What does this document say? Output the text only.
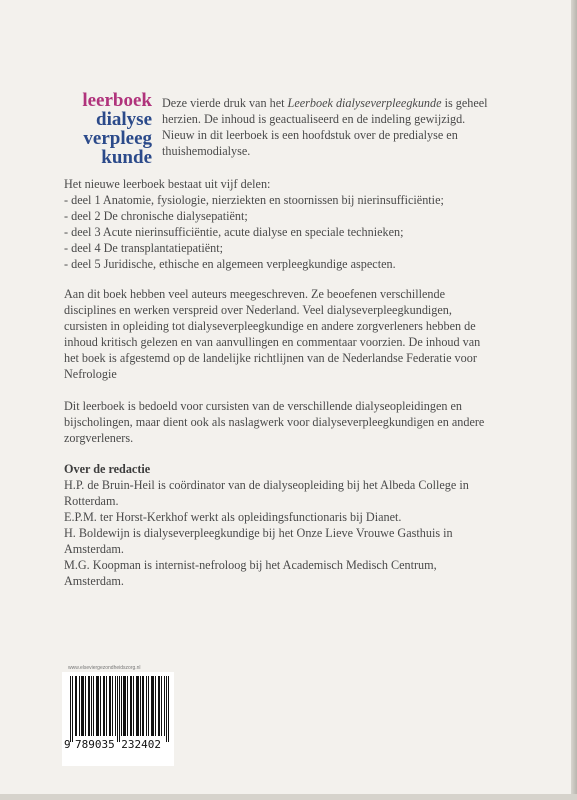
leerboek
dialyse
verpleeg
kunde
Deze vierde druk van het Leerboek dialyseverpleegkunde is geheel herzien. De inhoud is geactualiseerd en de indeling gewijzigd. Nieuw in dit leerboek is een hoofdstuk over de predialyse en thuishemodialyse.

Het nieuwe leerboek bestaat uit vijf delen:

- deel 1 Anatomie, fysiologie, nierziekten en stoornissen bij nierinsufficiëntie;
- deel 2 De chronische dialysepatiënt;
- deel 3 Acute nierinsufficiëntie, acute dialyse en speciale technieken;
- deel 4 De transplantatiepatiënt;
- deel 5 Juridische, ethische en algemeen verpleegkundige aspecten.

Aan dit boek hebben veel auteurs meegeschreven. Ze beoefenen verschillende disciplines en werken verspreid over Nederland. Veel dialyseverpleegkundigen, cursisten in opleiding tot dialyseverpleegkundige en andere zorgverleners hebben de inhoud kritisch gelezen en van aanvullingen en commentaar voorzien. De inhoud van het boek is afgestemd op de landelijke richtlijnen van de Nederlandse Federatie voor Nefrologie

Dit leerboek is bedoeld voor cursisten van de verschillende dialyseopleidingen en bijscholingen, maar dient ook als naslagwerk voor dialyseverpleegkundigen en andere zorgverleners.

Over de redactie

H.P. de Bruin-Heil is coördinator van de dialyseopleiding bij het Albeda College in Rotterdam.

E.P.M. ter Horst-Kerkhof werkt als opleidingsfunctionaris bij Dianet.

H. Boldewijn is dialyseverpleegkundige bij het Onze Lieve Vrouwe Gasthuis in Amsterdam.

M.G. Koopman is internist-nefroloog bij het Academisch Medisch Centrum, Amsterdam.

www.elseviergezondheidszorg.nl
9 789035 232402
